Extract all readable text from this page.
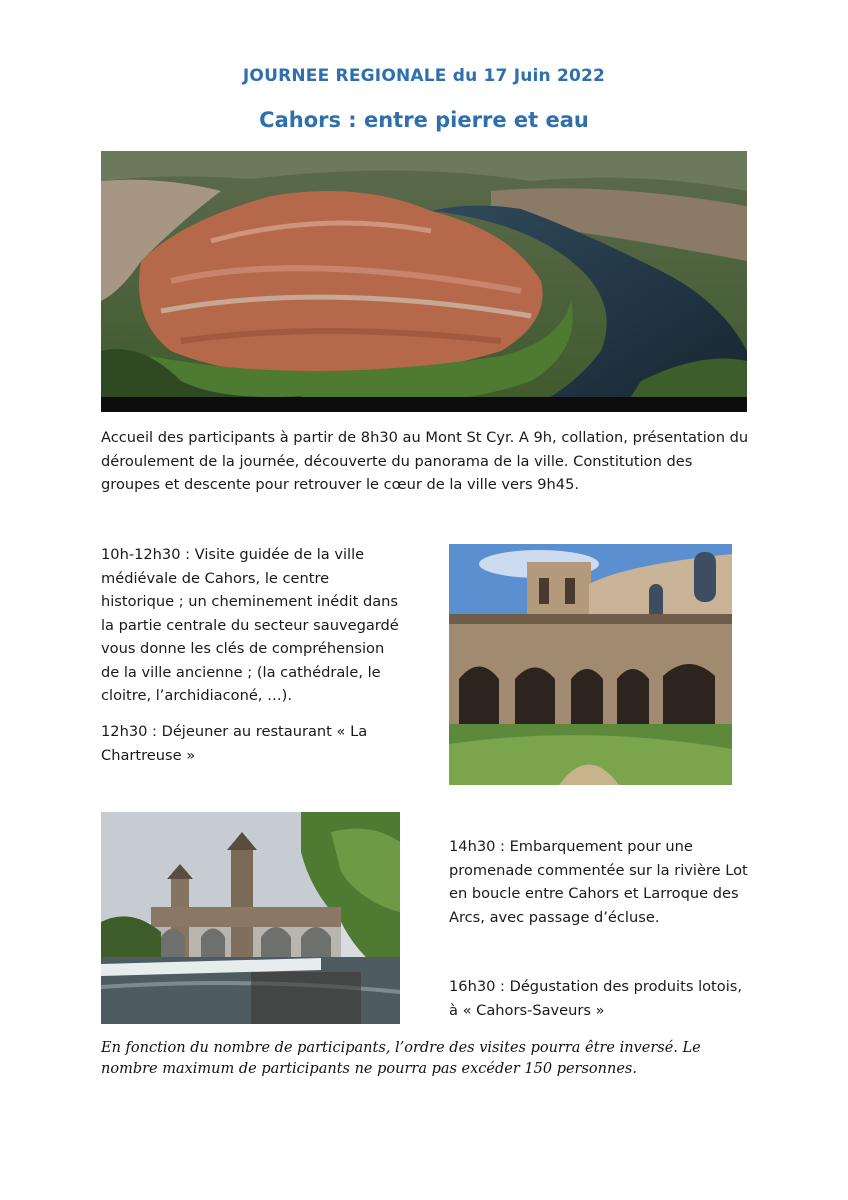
JOURNEE REGIONALE du 17 Juin 2022
Cahors : entre pierre et eau
Accueil des participants à partir de 8h30 au Mont St Cyr. A 9h, collation, présentation du déroulement de la journée, découverte du panorama de la ville. Constitution des groupes et descente pour retrouver le cœur de la ville vers 9h45.
10h-12h30 : Visite guidée de la ville médiévale de Cahors, le centre historique ; un cheminement inédit dans la partie centrale du secteur sauvegardé vous donne les clés de compréhension de la ville ancienne ; (la cathédrale, le cloitre, l’archidiaconé, …).
12h30 : Déjeuner au restaurant « La Chartreuse »
14h30 : Embarquement pour une promenade commentée sur la rivière Lot en boucle entre Cahors et Larroque des Arcs, avec passage d’écluse.
16h30 : Dégustation des produits lotois, à « Cahors-Saveurs »
En fonction du nombre de participants, l’ordre des visites pourra être inversé. Le nombre maximum de participants ne pourra pas excéder 150 personnes.
